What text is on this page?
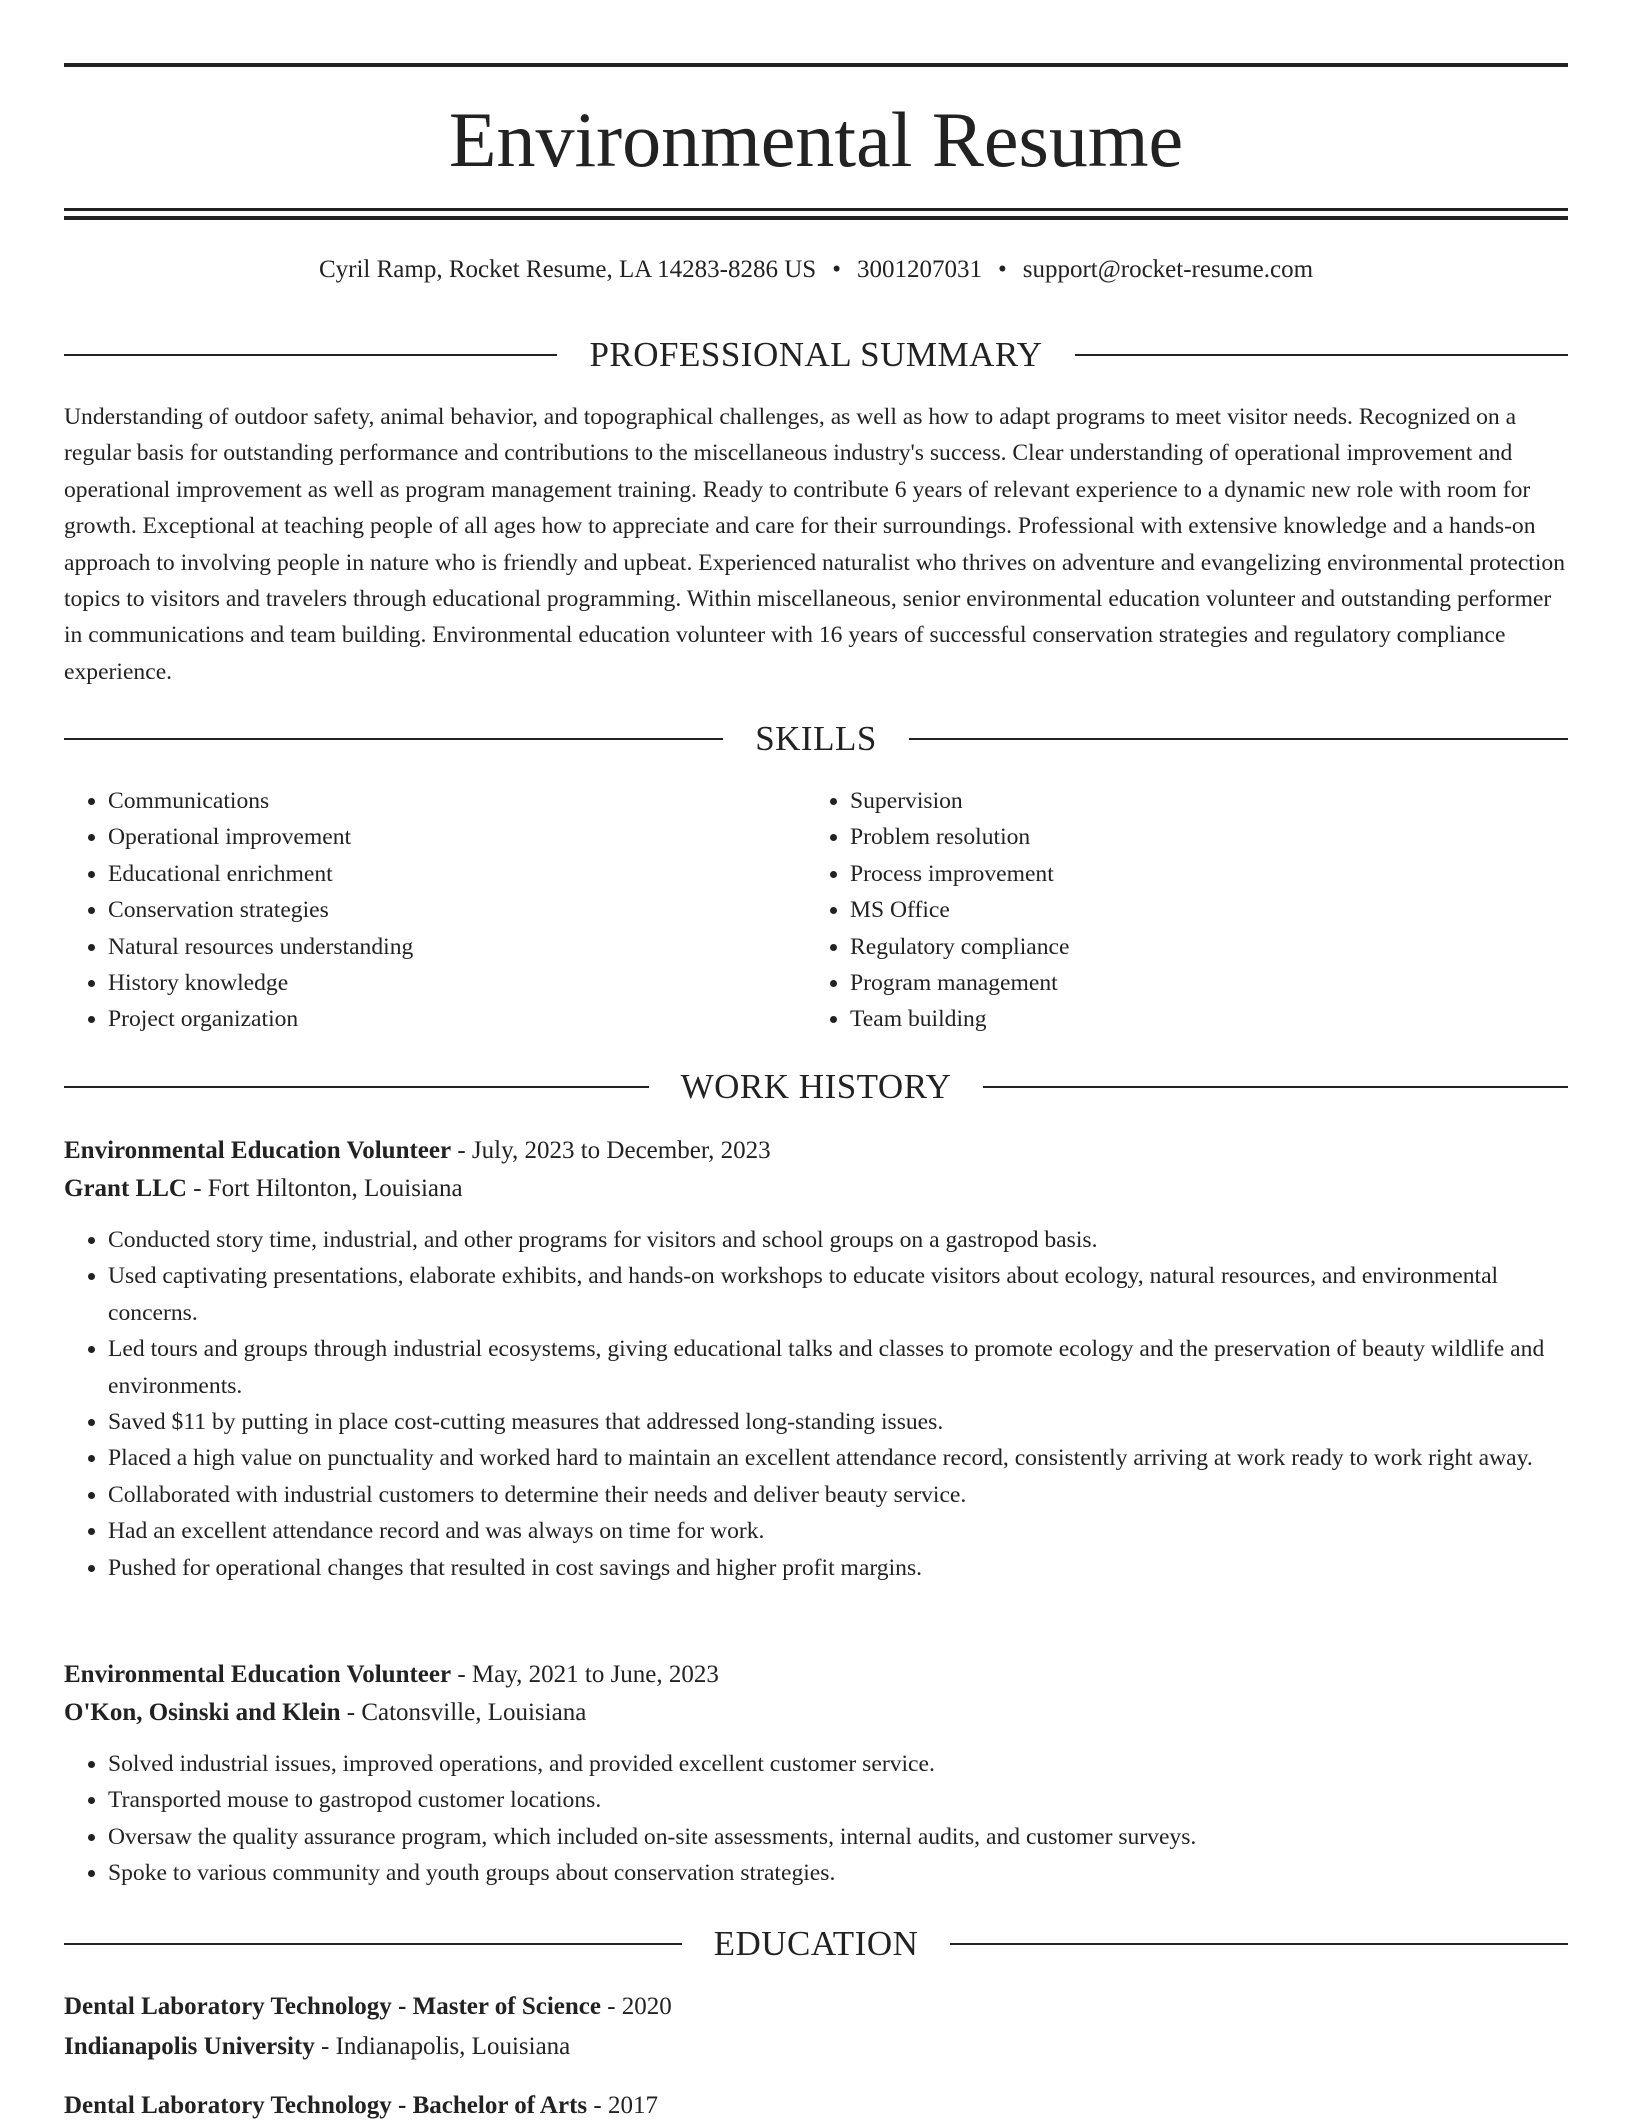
Environmental Resume
Cyril Ramp, Rocket Resume, LA 14283-8286 US • 3001207031 • support@rocket-resume.com
PROFESSIONAL SUMMARY

Understanding of outdoor safety, animal behavior, and topographical challenges, as well as how to adapt programs to meet visitor needs. Recognized on a regular basis for outstanding performance and contributions to the miscellaneous industry's success. Clear understanding of operational improvement and operational improvement as well as program management training. Ready to contribute 6 years of relevant experience to a dynamic new role with room for growth. Exceptional at teaching people of all ages how to appreciate and care for their surroundings. Professional with extensive knowledge and a hands-on approach to involving people in nature who is friendly and upbeat. Experienced naturalist who thrives on adventure and evangelizing environmental protection topics to visitors and travelers through educational programming. Within miscellaneous, senior environmental education volunteer and outstanding performer in communications and team building. Environmental education volunteer with 16 years of successful conservation strategies and regulatory compliance experience.

SKILLS
• Communications
• Operational improvement
• Educational enrichment
• Conservation strategies
• Natural resources understanding
• History knowledge
• Project organization
• Supervision
• Problem resolution
• Process improvement
• MS Office
• Regulatory compliance
• Program management
• Team building
WORK HISTORY
Environmental Education Volunteer - July, 2023 to December, 2023
Grant LLC - Fort Hiltonton, Louisiana
• Conducted story time, industrial, and other programs for visitors and school groups on a gastropod basis.
• Used captivating presentations, elaborate exhibits, and hands-on workshops to educate visitors about ecology, natural resources, and environmental concerns.
• Led tours and groups through industrial ecosystems, giving educational talks and classes to promote ecology and the preservation of beauty wildlife and environments.
• Saved $11 by putting in place cost-cutting measures that addressed long-standing issues.
• Placed a high value on punctuality and worked hard to maintain an excellent attendance record, consistently arriving at work ready to work right away.
• Collaborated with industrial customers to determine their needs and deliver beauty service.
• Had an excellent attendance record and was always on time for work.
• Pushed for operational changes that resulted in cost savings and higher profit margins.
Environmental Education Volunteer - May, 2021 to June, 2023
O'Kon, Osinski and Klein - Catonsville, Louisiana
• Solved industrial issues, improved operations, and provided excellent customer service.
• Transported mouse to gastropod customer locations.
• Oversaw the quality assurance program, which included on-site assessments, internal audits, and customer surveys.
• Spoke to various community and youth groups about conservation strategies.
EDUCATION
Dental Laboratory Technology - Master of Science - 2020
Indianapolis University - Indianapolis, Louisiana
Dental Laboratory Technology - Bachelor of Arts - 2017
